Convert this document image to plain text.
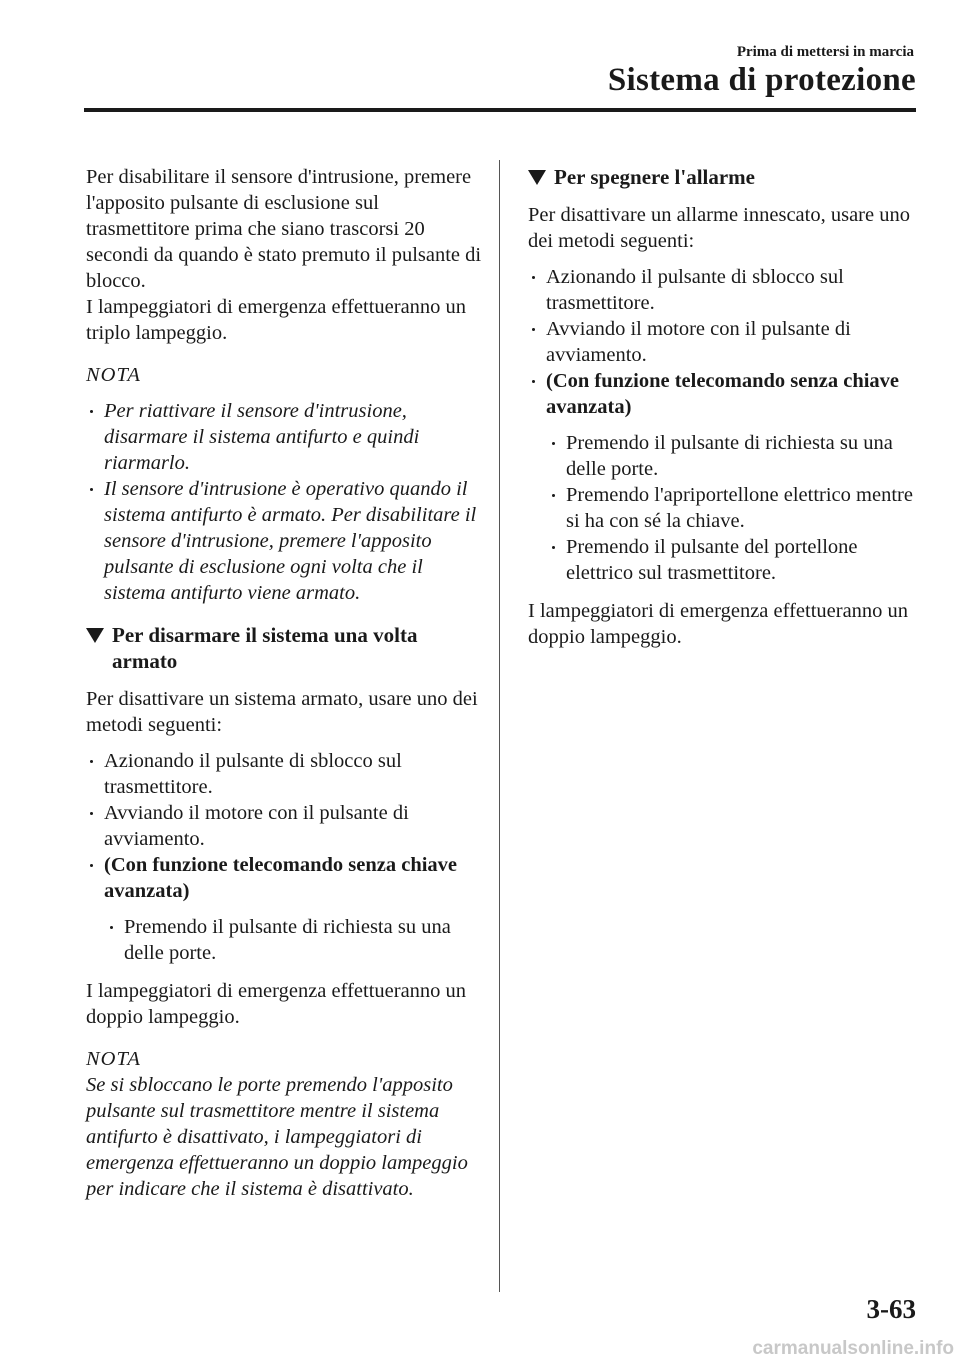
Prima di mettersi in marcia
Sistema di protezione

Per disabilitare il sensore d'intrusione, premere l'apposito pulsante di esclusione sul trasmettitore prima che siano trascorsi 20 secondi da quando è stato premuto il pulsante di blocco.

I lampeggiatori di emergenza effettueranno un triplo lampeggio.

NOTA
Per riattivare il sensore d'intrusione, disarmare il sistema antifurto e quindi riarmarlo.
Il sensore d'intrusione è operativo quando il sistema antifurto è armato. Per disabilitare il sensore d'intrusione, premere l'apposito pulsante di esclusione ogni volta che il sistema antifurto viene armato.
Per disarmare il sistema una volta armato

Per disattivare un sistema armato, usare uno dei metodi seguenti:

Azionando il pulsante di sblocco sul trasmettitore.
Avviando il motore con il pulsante di avviamento.
(Con funzione telecomando senza chiave avanzata)
Premendo il pulsante di richiesta su una delle porte.

I lampeggiatori di emergenza effettueranno un doppio lampeggio.

NOTA

Se si sbloccano le porte premendo l'apposito pulsante sul trasmettitore mentre il sistema antifurto è disattivato, i lampeggiatori di emergenza effettueranno un doppio lampeggio per indicare che il sistema è disattivato.

Per spegnere l'allarme

Per disattivare un allarme innescato, usare uno dei metodi seguenti:

Azionando il pulsante di sblocco sul trasmettitore.
Avviando il motore con il pulsante di avviamento.
(Con funzione telecomando senza chiave avanzata)
Premendo il pulsante di richiesta su una delle porte.
Premendo l'apriportellone elettrico mentre si ha con sé la chiave.
Premendo il pulsante del portellone elettrico sul trasmettitore.

I lampeggiatori di emergenza effettueranno un doppio lampeggio.

3-63
carmanualsonline.info
